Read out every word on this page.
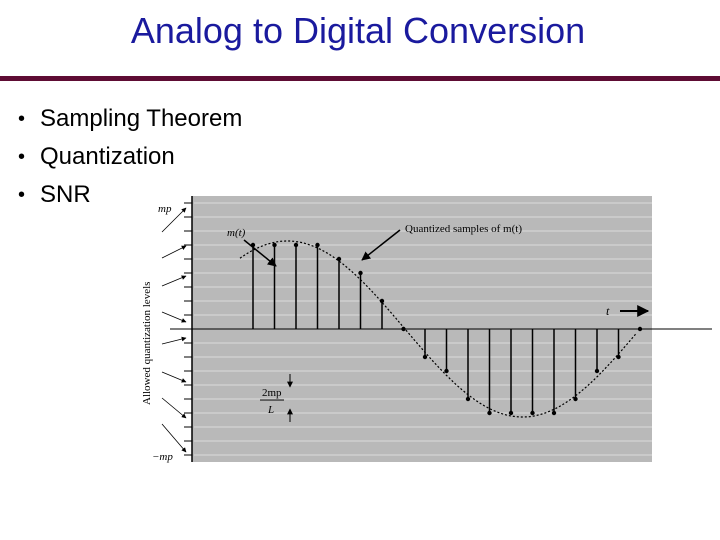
Analog to Digital Conversion
• Sampling Theorem
• Quantization
• SNR
mp
−mp
Allowed quantization levels
m(t)	Quantized samples of m(t)
t
2mp
L
